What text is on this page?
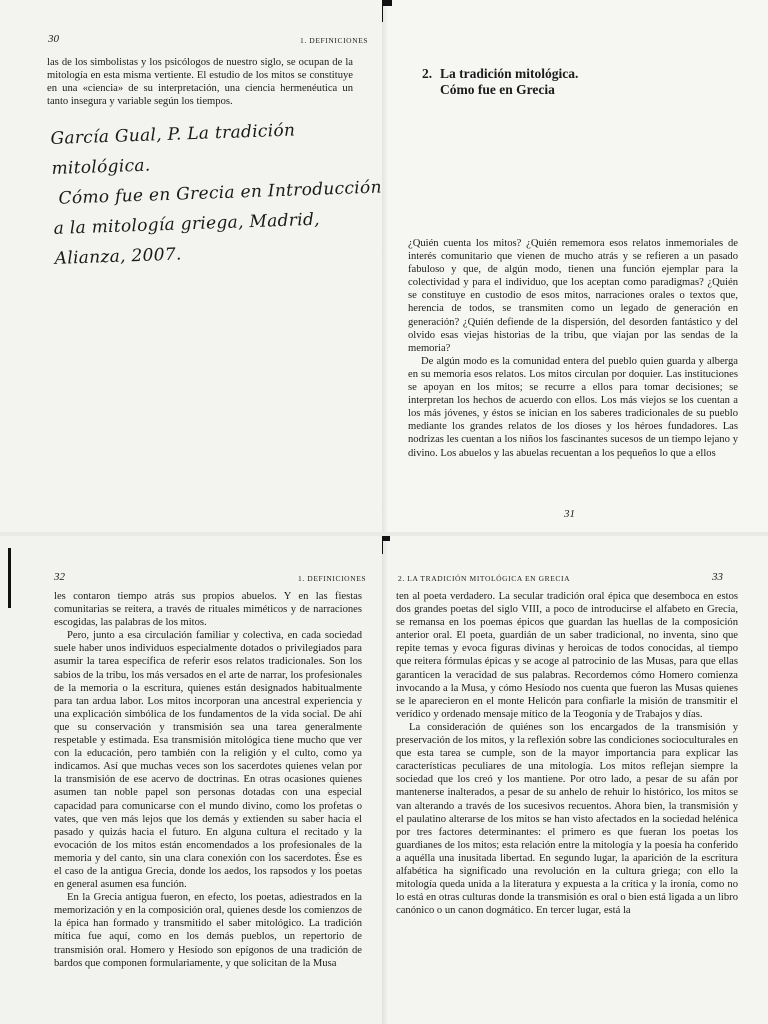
30	1. DEFINICIONES

las de los simbolistas y los psicólogos de nuestro siglo, se ocupan de la mitología en esta misma vertiente. El estudio de los mitos se constituye en una «ciencia» de su interpretación, una ciencia hermenéutica un tanto insegura y variable según los tiempos.

García Gual, P. La tradición mitológica.
Cómo fue en Grecia en Introducción
a la mitología griega, Madrid,
Alianza, 2007.
2. La tradición mitológica.
Cómo fue en Grecia

¿Quién cuenta los mitos? ¿Quién rememora esos relatos inmemoriales de interés comunitario que vienen de mucho atrás y se refieren a un pasado fabuloso y que, de algún modo, tienen una función ejemplar para la colectividad y para el individuo, que los aceptan como paradigmas? ¿Quién se constituye en custodio de esos mitos, narraciones orales o textos que, herencia de todos, se transmiten como un legado de generación en generación? ¿Quién defiende de la dispersión, del desorden fantástico y del olvido esas viejas historias de la tribu, que viajan por las sendas de la memoria?

De algún modo es la comunidad entera del pueblo quien guarda y alberga en su memoria esos relatos. Los mitos circulan por doquier. Las instituciones se apoyan en los mitos; se recurre a ellos para tomar decisiones; se interpretan los hechos de acuerdo con ellos. Los más viejos se los cuentan a los más jóvenes, y éstos se inician en los saberes tradicionales de su pueblo mediante los grandes relatos de los dioses y los héroes fundadores. Las nodrizas les cuentan a los niños los fascinantes sucesos de un tiempo lejano y divino. Los abuelos y las abuelas recuentan a los pequeños lo que a ellos

31
32	1. DEFINICIONES

les contaron tiempo atrás sus propios abuelos. Y en las fiestas comunitarias se reitera, a través de rituales miméticos y de narraciones escogidas, las palabras de los mitos.

Pero, junto a esa circulación familiar y colectiva, en cada sociedad suele haber unos individuos especialmente dotados o privilegiados para asumir la tarea específica de referir esos relatos tradicionales. Son los sabios de la tribu, los más versados en el arte de narrar, los profesionales de la memoria o la escritura, quienes están designados habitualmente para tan ardua labor. Los mitos incorporan una ancestral experiencia y una explicación simbólica de los fundamentos de la vida social. De ahí que su conservación y transmisión sea una tarea generalmente respetable y estimada. Esa transmisión mitológica tiene mucho que ver con la educación, pero también con la religión y el culto, como ya indicamos. Así que muchas veces son los sacerdotes quienes velan por la transmisión de ese acervo de doctrinas. En otras ocasiones quienes asumen tan noble papel son personas dotadas con una especial capacidad para comunicarse con el mundo divino, como los profetas o vates, que ven más lejos que los demás y extienden su saber hacia el pasado y quizás hacia el futuro. En alguna cultura el recitado y la evocación de los mitos están encomendados a los profesionales de la memoria y del canto, sin una clara conexión con los sacerdotes. Ése es el caso de la antigua Grecia, donde los aedos, los rapsodos y los poetas en general asumen esa función.

En la Grecia antigua fueron, en efecto, los poetas, adiestrados en la memorización y en la composición oral, quienes desde los comienzos de la épica han formado y transmitido el saber mitológico. La tradición mítica fue aquí, como en los demás pueblos, un repertorio de transmisión oral. Homero y Hesíodo son epígonos de una tradición de bardos que componen formulariamente, y que solicitan de la Musa

2. LA TRADICIÓN MITOLÓGICA EN GRECIA	33

ten al poeta verdadero. La secular tradición oral épica que desemboca en estos dos grandes poetas del siglo VIII, a poco de introducirse el alfabeto en Grecia, se remansa en los poemas épicos que guardan las huellas de la composición anterior oral. El poeta, guardián de un saber tradicional, no inventa, sino que repite temas y evoca figuras divinas y heroicas de todos conocidas, al tiempo que reitera fórmulas épicas y se acoge al patrocinio de las Musas, para que ellas garanticen la veracidad de sus palabras. Recordemos cómo Homero comienza invocando a la Musa, y cómo Hesíodo nos cuenta que fueron las Musas quienes se le aparecieron en el monte Helicón para confiarle la misión de transmitir el verídico y ordenado mensaje mítico de la Teogonía y de Trabajos y días.

La consideración de quiénes son los encargados de la transmisión y preservación de los mitos, y la reflexión sobre las condiciones socioculturales en que esta tarea se cumple, son de la mayor importancia para explicar las características peculiares de una mitología. Los mitos reflejan siempre la sociedad que los creó y los mantiene. Por otro lado, a pesar de su afán por mantenerse inalterados, a pesar de su anhelo de rehuir lo histórico, los mitos se van alterando a través de los sucesivos recuentos. Ahora bien, la transmisión y el paulatino alterarse de los mitos se han visto afectados en la sociedad helénica por tres factores determinantes: el primero es que fueran los poetas los guardianes de los mitos; esta relación entre la mitología y la poesía ha conferido a aquélla una inusitada libertad. En segundo lugar, la aparición de la escritura alfabética ha significado una revolución en la cultura griega; con ello la mitología queda unida a la literatura y expuesta a la crítica y la ironía, como no lo está en otras culturas donde la transmisión es oral o bien está ligada a un libro canónico o un canon dogmático. En tercer lugar, está la
